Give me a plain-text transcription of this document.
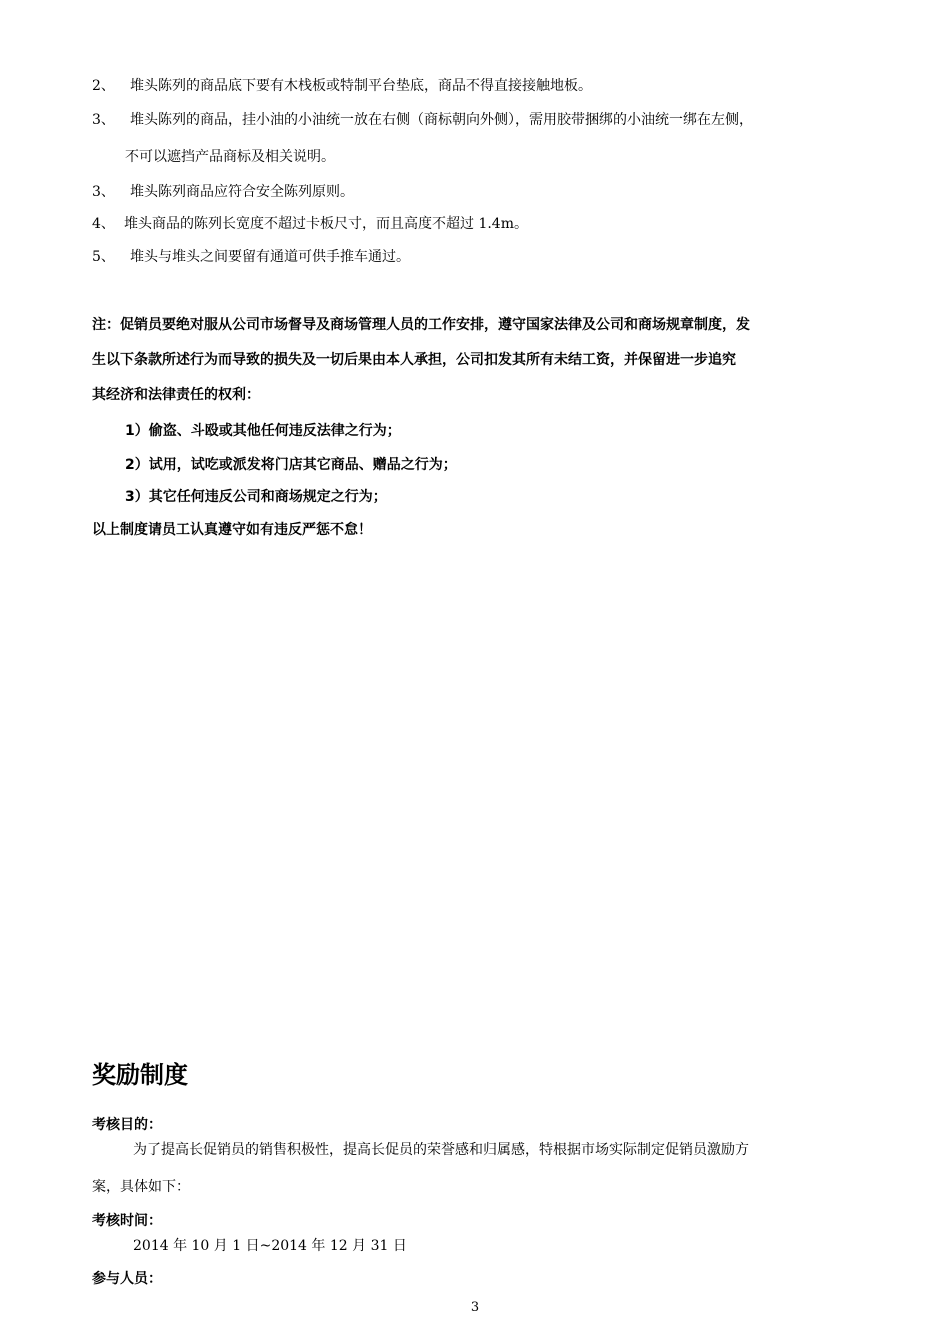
2、 堆头陈列的商品底下要有木栈板或特制平台垫底，商品不得直接接触地板。
3、 堆头陈列的商品，挂小油的小油统一放在右侧（商标朝向外侧），需用胶带捆绑的小油统一绑在左侧，
不可以遮挡产品商标及相关说明。
3、 堆头陈列商品应符合安全陈列原则。
4、 堆头商品的陈列长宽度不超过卡板尺寸，而且高度不超过 1.4m。
5、 堆头与堆头之间要留有通道可供手推车通过。
注：促销员要绝对服从公司市场督导及商场管理人员的工作安排，遵守国家法律及公司和商场规章制度，发
生以下条款所述行为而导致的损失及一切后果由本人承担，公司扣发其所有未结工资，并保留进一步追究
其经济和法律责任的权利：
1）偷盗、斗殴或其他任何违反法律之行为；
2）试用，试吃或派发将门店其它商品、赠品之行为；
3）其它任何违反公司和商场规定之行为；
以上制度请员工认真遵守如有违反严惩不怠！
奖励制度
考核目的：
为了提高长促销员的销售积极性，提高长促员的荣誉感和归属感，特根据市场实际制定促销员激励方
案，具体如下：
考核时间：
2014 年 10 月 1 日~2014 年 12 月 31 日
参与人员：
3
